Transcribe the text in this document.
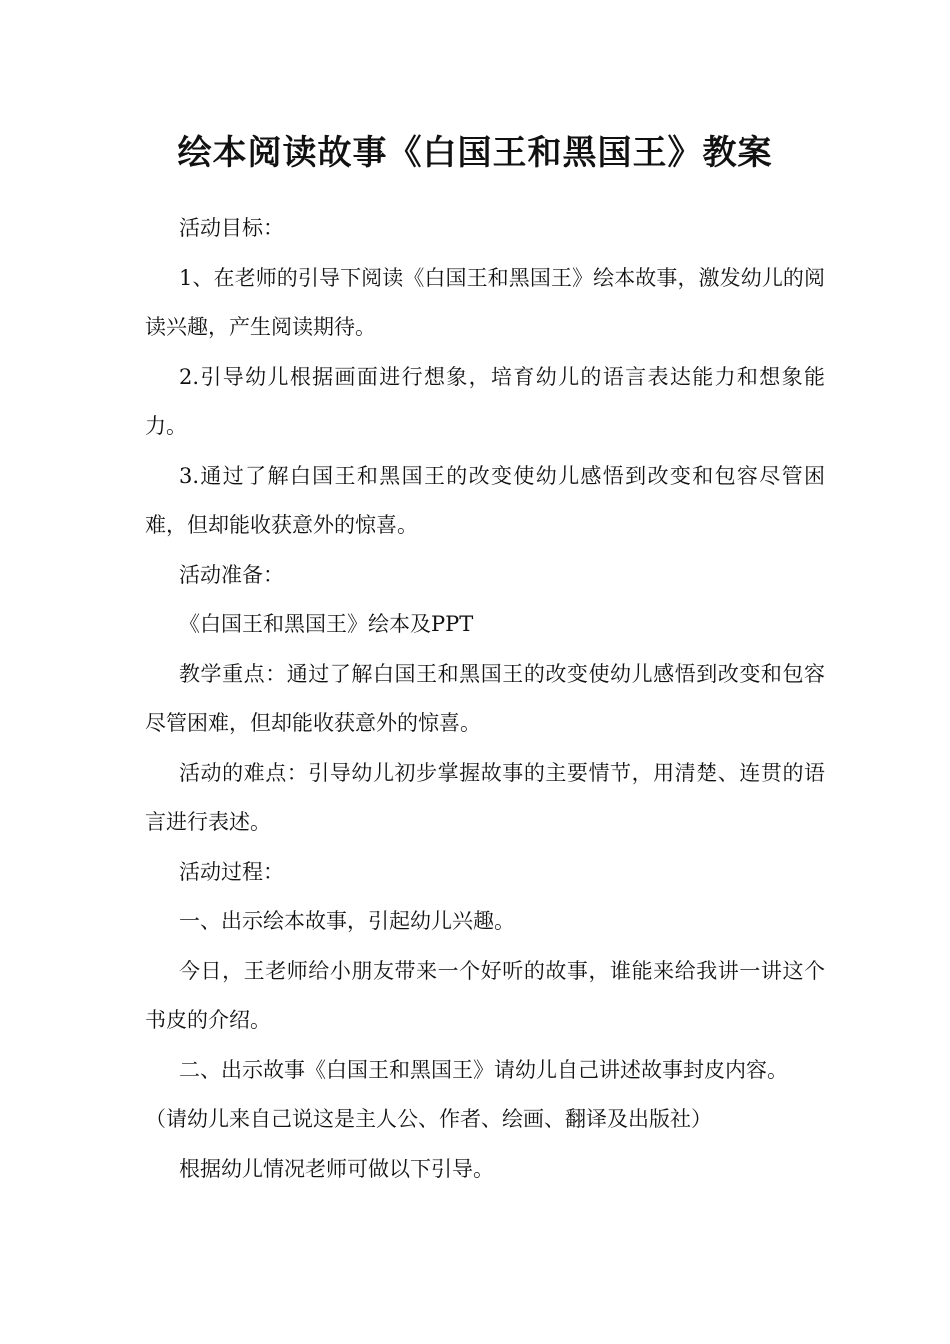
绘本阅读故事《白国王和黑国王》教案

活动目标：

1、在老师的引导下阅读《白国王和黑国王》绘本故事，激发幼儿的阅读兴趣，产生阅读期待。

2.引导幼儿根据画面进行想象，培育幼儿的语言表达能力和想象能力。

3.通过了解白国王和黑国王的改变使幼儿感悟到改变和包容尽管困难，但却能收获意外的惊喜。

活动准备：

《白国王和黑国王》绘本及PPT

教学重点：通过了解白国王和黑国王的改变使幼儿感悟到改变和包容尽管困难，但却能收获意外的惊喜。

活动的难点：引导幼儿初步掌握故事的主要情节，用清楚、连贯的语言进行表述。

活动过程：

一、出示绘本故事，引起幼儿兴趣。

今日，王老师给小朋友带来一个好听的故事，谁能来给我讲一讲这个书皮的介绍。

二、出示故事《白国王和黑国王》请幼儿自己讲述故事封皮内容。

（请幼儿来自己说这是主人公、作者、绘画、翻译及出版社）

根据幼儿情况老师可做以下引导。
